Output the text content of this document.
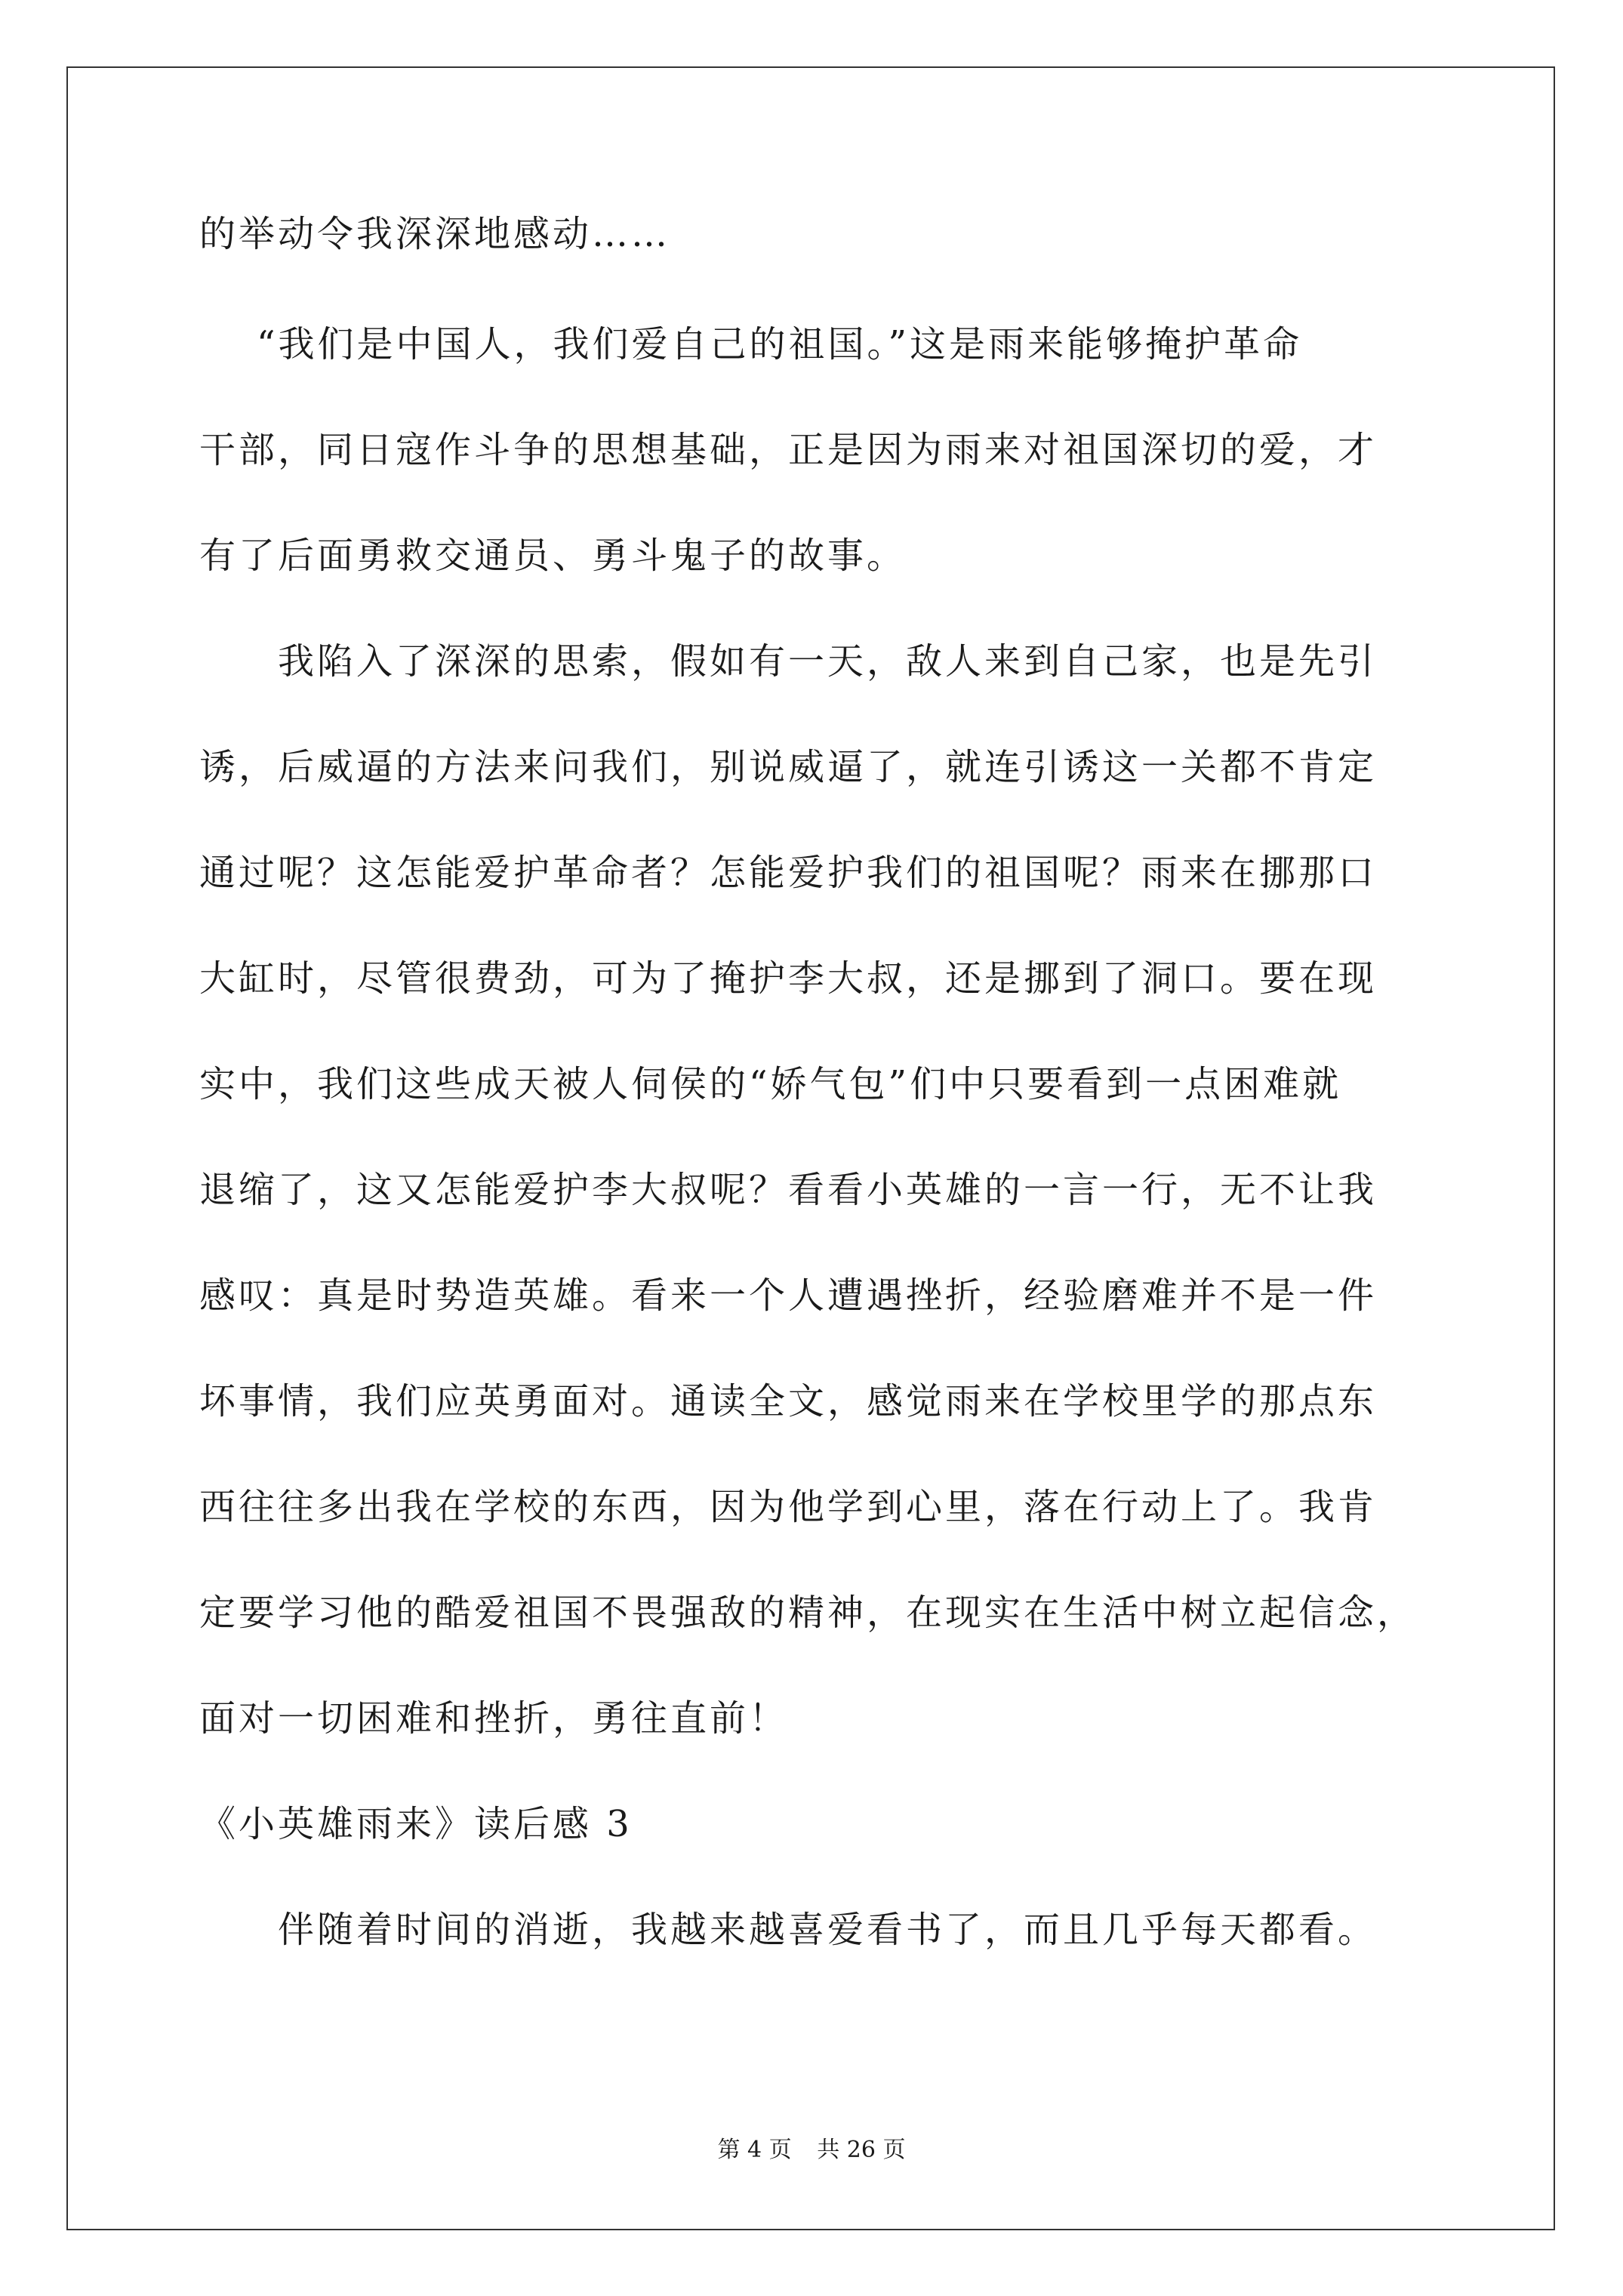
的举动令我深深地感动……
“我们是中国人，我们爱自己的祖国。”这是雨来能够掩护革命
干部，同日寇作斗争的思想基础，正是因为雨来对祖国深切的爱，才
有了后面勇救交通员、勇斗鬼子的故事。
我陷入了深深的思索，假如有一天，敌人来到自己家，也是先引
诱，后威逼的方法来问我们，别说威逼了，就连引诱这一关都不肯定
通过呢？这怎能爱护革命者？怎能爱护我们的祖国呢？雨来在挪那口
大缸时，尽管很费劲，可为了掩护李大叔，还是挪到了洞口。要在现
实中，我们这些成天被人伺侯的“娇气包”们中只要看到一点困难就
退缩了，这又怎能爱护李大叔呢？看看小英雄的一言一行，无不让我
感叹：真是时势造英雄。看来一个人遭遇挫折，经验磨难并不是一件
坏事情，我们应英勇面对。通读全文，感觉雨来在学校里学的那点东
西往往多出我在学校的东西，因为他学到心里，落在行动上了。我肯
定要学习他的酷爱祖国不畏强敌的精神，在现实在生活中树立起信念，
面对一切困难和挫折，勇往直前！
《小英雄雨来》读后感 3
伴随着时间的消逝，我越来越喜爱看书了，而且几乎每天都看。
第 4 页 共 26 页
